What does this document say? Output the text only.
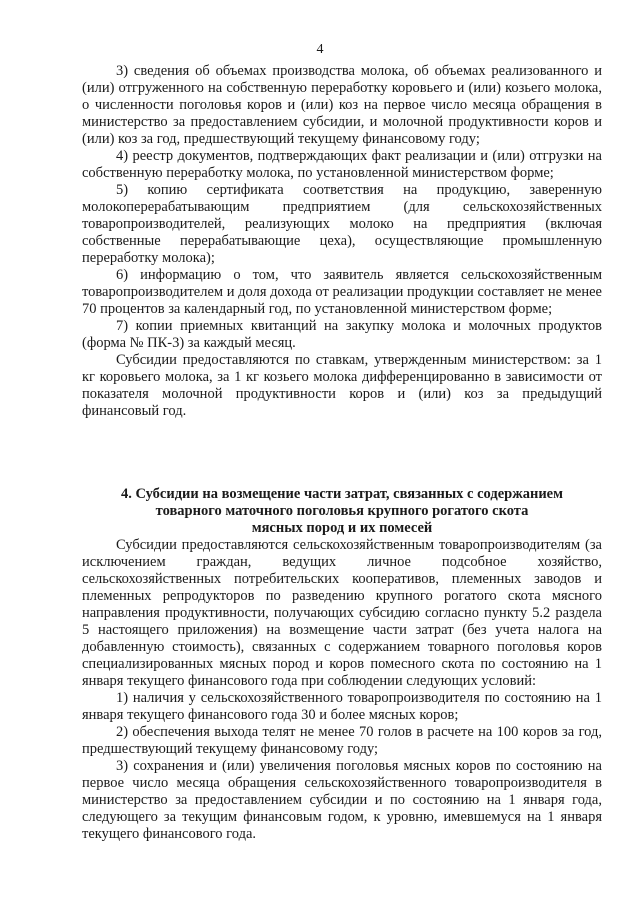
4

3) сведения об объемах производства молока, об объемах реализованного и (или) отгруженного на собственную переработку коровьего и (или) козьего молока, о численности поголовья коров и (или) коз на первое число месяца обращения в министерство за предоставлением субсидии, и молочной продуктивности коров и (или) коз за год, предшествующий текущему финансовому году;

4) реестр документов, подтверждающих факт реализации и (или) отгрузки на собственную переработку молока, по установленной министерством форме;

5) копию сертификата соответствия на продукцию, заверенную молокоперерабатывающим предприятием (для сельскохозяйственных товаропроизводителей, реализующих молоко на предприятия (включая собственные перерабатывающие цеха), осуществляющие промышленную переработку молока);

6) информацию о том, что заявитель является сельскохозяйственным товаропроизводителем и доля дохода от реализации продукции составляет не менее 70 процентов за календарный год, по установленной министерством форме;

7) копии приемных квитанций на закупку молока и молочных продуктов (форма № ПК-3) за каждый месяц.

Субсидии предоставляются по ставкам, утвержденным министерством: за 1 кг коровьего молока, за 1 кг козьего молока дифференцированно в зависимости от показателя молочной продуктивности коров и (или) коз за предыдущий финансовый год.

4. Субсидии на возмещение части затрат, связанных с содержанием
товарного маточного поголовья крупного рогатого скота
мясных пород и их помесей

Субсидии предоставляются сельскохозяйственным товаропроизводителям (за исключением граждан, ведущих личное подсобное хозяйство, сельскохозяйственных потребительских кооперативов, племенных заводов и племенных репродукторов по разведению крупного рогатого скота мясного направления продуктивности, получающих субсидию согласно пункту 5.2 раздела 5 настоящего приложения) на возмещение части затрат (без учета налога на добавленную стоимость), связанных с содержанием товарного поголовья коров специализированных мясных пород и коров помесного скота по состоянию на 1 января текущего финансового года при соблюдении следующих условий:

1) наличия у сельскохозяйственного товаропроизводителя по состоянию на 1 января текущего финансового года 30 и более мясных коров;

2) обеспечения выхода телят не менее 70 голов в расчете на 100 коров за год, предшествующий текущему финансовому году;

3) сохранения и (или) увеличения поголовья мясных коров по состоянию на первое число месяца обращения сельскохозяйственного товаропроизводителя в министерство за предоставлением субсидии и по состоянию на 1 января года, следующего за текущим финансовым годом, к уровню, имевшемуся на 1 января текущего финансового года.
